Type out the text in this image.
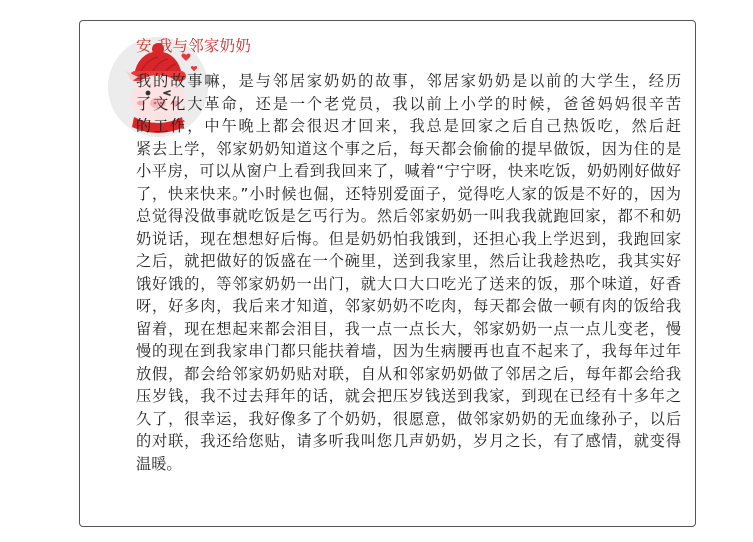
安·我与邻家奶奶
我的故事嘛，是与邻居家奶奶的故事，邻居家奶奶是以前的大学生，经历
了文化大革命，还是一个老党员，我以前上小学的时候，爸爸妈妈很辛苦
的工作，中午晚上都会很迟才回来，我总是回家之后自己热饭吃，然后赶
紧去上学，邻家奶奶知道这个事之后，每天都会偷偷的提早做饭，因为住的是
小平房，可以从窗户上看到我回来了，喊着“宁宁呀，快来吃饭，奶奶刚好做好
了，快来快来。”小时候也倔，还特别爱面子，觉得吃人家的饭是不好的，因为
总觉得没做事就吃饭是乞丐行为。然后邻家奶奶一叫我我就跑回家，都不和奶
奶说话，现在想想好后悔。但是奶奶怕我饿到，还担心我上学迟到，我跑回家
之后，就把做好的饭盛在一个碗里，送到我家里，然后让我趁热吃，我其实好
饿好饿的，等邻家奶奶一出门，就大口大口吃光了送来的饭，那个味道，好香
呀，好多肉，我后来才知道，邻家奶奶不吃肉，每天都会做一顿有肉的饭给我
留着，现在想起来都会泪目，我一点一点长大，邻家奶奶一点一点儿变老，慢
慢的现在到我家串门都只能扶着墙，因为生病腰再也直不起来了，我每年过年
放假，都会给邻家奶奶贴对联，自从和邻家奶奶做了邻居之后，每年都会给我
压岁钱，我不过去拜年的话，就会把压岁钱送到我家，到现在已经有十多年之
久了，很幸运，我好像多了个奶奶，很愿意，做邻家奶奶的无血缘孙子，以后
的对联，我还给您贴，请多听我叫您几声奶奶，岁月之长，有了感情，就变得
温暖。
